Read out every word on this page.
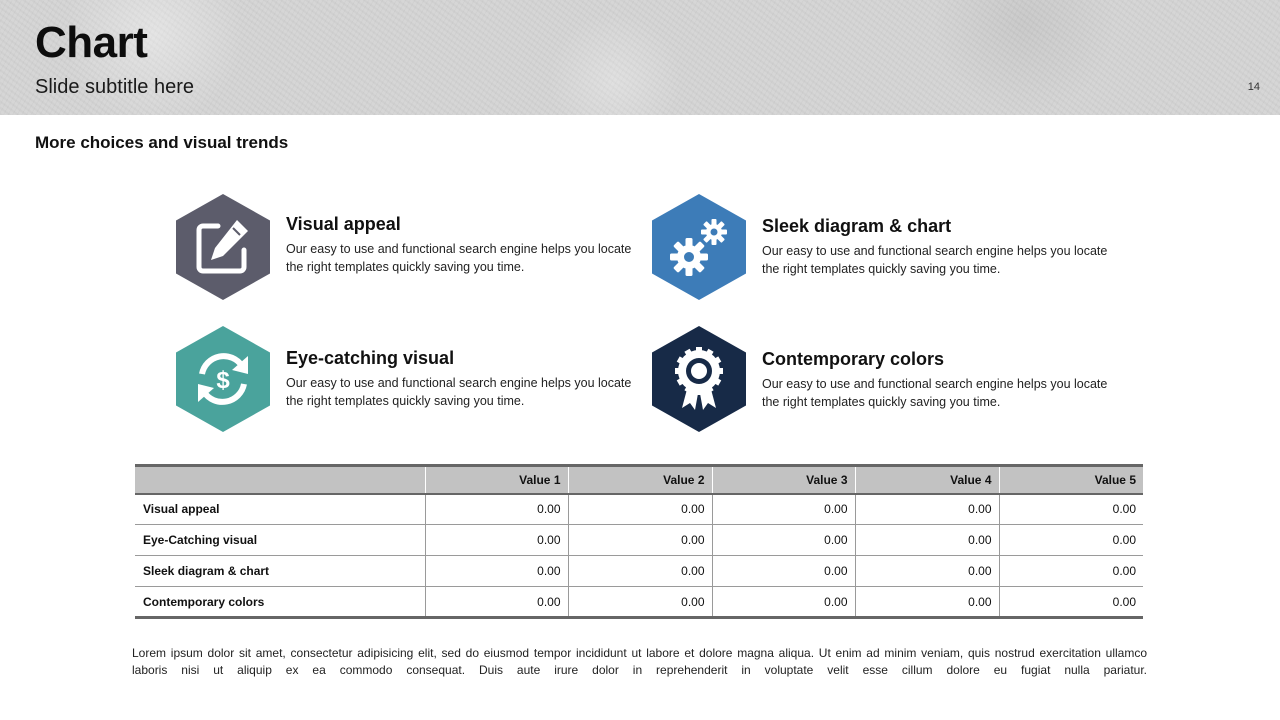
Chart
Slide subtitle here	14
More choices and visual trends
Visual appeal
Our easy to use and functional search engine helps you locate the right templates quickly saving you time.
Sleek diagram & chart
Our easy to use and functional search engine helps you locate the right templates quickly saving you time.
$
Eye-catching visual
Our easy to use and functional search engine helps you locate the right templates quickly saving you time.
Contemporary colors
Our easy to use and functional search engine helps you locate the right templates quickly saving you time.
	Value 1	Value 2	Value 3	Value 4	Value 5
Visual appeal	0.00	0.00	0.00	0.00	0.00
Eye-Catching visual	0.00	0.00	0.00	0.00	0.00
Sleek diagram & chart	0.00	0.00	0.00	0.00	0.00
Contemporary colors	0.00	0.00	0.00	0.00	0.00
Lorem ipsum dolor sit amet, consectetur adipisicing elit, sed do eiusmod tempor incididunt ut labore et dolore magna aliqua. Ut enim ad minim veniam, quis nostrud exercitation ullamco laboris nisi ut aliquip ex ea commodo consequat. Duis aute irure dolor in reprehenderit in voluptate velit esse cillum dolore eu fugiat nulla pariatur.
